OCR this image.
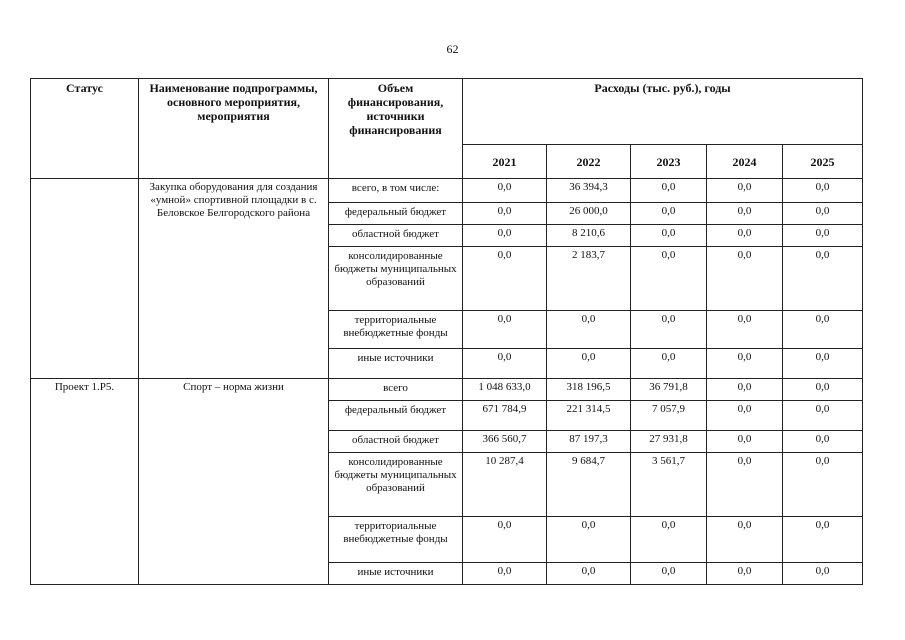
62
Статус	Наименование подпрограммы, основного мероприятия, мероприятия	Объем финансирования, источники финансирования	Расходы (тыс. руб.), годы				
			2021	2022	2023	2024	2025
	Закупка оборудования для создания «умной» спортивной площадки в с. Беловское Белгородского района	всего, в том числе:	0,0	36 394,3	0,0	0,0	0,0
		федеральный бюджет	0,0	26 000,0	0,0	0,0	0,0
		областной бюджет	0,0	8 210,6	0,0	0,0	0,0
		консолидированные бюджеты муниципальных образований	0,0	2 183,7	0,0	0,0	0,0
		территориальные внебюджетные фонды	0,0	0,0	0,0	0,0	0,0
		иные источники	0,0	0,0	0,0	0,0	0,0
Проект 1.Р5.	Спорт – норма жизни	всего	1 048 633,0	318 196,5	36 791,8	0,0	0,0
		федеральный бюджет	671 784,9	221 314,5	7 057,9	0,0	0,0
		областной бюджет	366 560,7	87 197,3	27 931,8	0,0	0,0
		консолидированные бюджеты муниципальных образований	10 287,4	9 684,7	3 561,7	0,0	0,0
		территориальные внебюджетные фонды	0,0	0,0	0,0	0,0	0,0
		иные источники	0,0	0,0	0,0	0,0	0,0
